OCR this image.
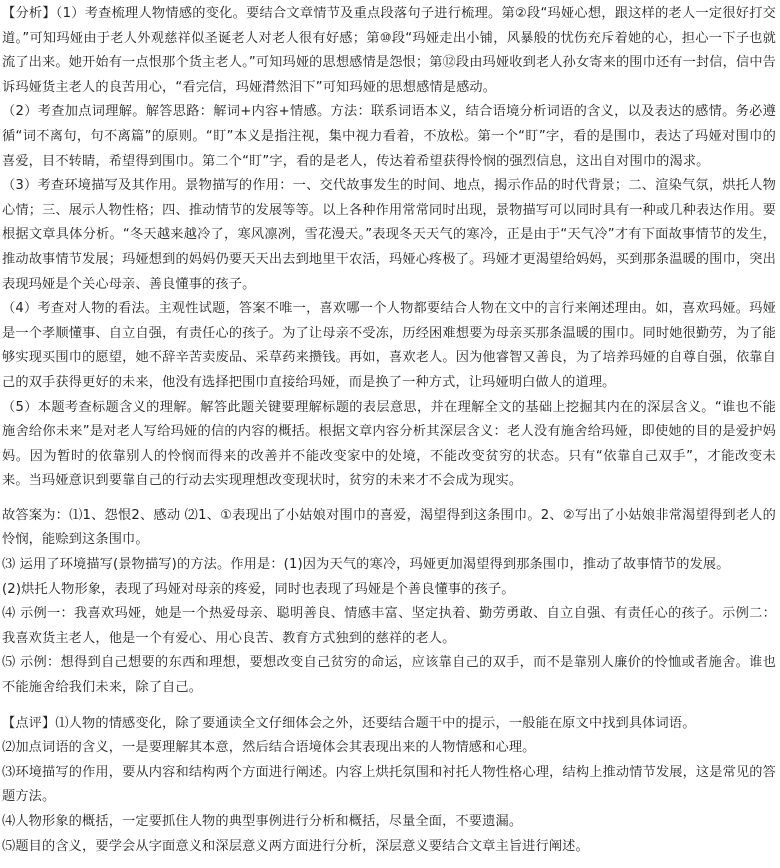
【分析】（1）考查梳理人物情感的变化。要结合文章情节及重点段落句子进行梳理。第②段“玛娅心想，跟这样的老人一定很好打交道。”可知玛娅由于老人外观慈祥似圣诞老人对老人很有好感；第⑩段“玛娅走出小铺，风暴般的忧伤充斥着她的心，担心一下子也就流了出来。她开始有一点恨那个货主老人。”可知玛娅的思想感情是怨恨；第⑫段由玛娅收到老人孙女寄来的围巾还有一封信，信中告诉玛娅货主老人的良苦用心，“看完信，玛娅潸然泪下”可知玛娅的思想感情是感动。

（2）考查加点词理解。解答思路：解词+内容+情感。方法：联系词语本义，结合语境分析词语的含义，以及表达的感情。务必遵循“词不离句，句不离篇”的原则。“盯”本义是指注视，集中视力看着，不放松。第一个“盯”字，看的是围巾，表达了玛娅对围巾的喜爱，目不转睛，希望得到围巾。第二个“盯”字，看的是老人，传达着希望获得怜悯的强烈信息，这出自对围巾的渴求。

（3）考查环境描写及其作用。景物描写的作用：一、交代故事发生的时间、地点，揭示作品的时代背景；二、渲染气氛，烘托人物心情；三、展示人物性格；四、推动情节的发展等等。以上各种作用常常同时出现，景物描写可以同时具有一种或几种表达作用。要根据文章具体分析。“冬天越来越冷了，寒风凛冽，雪花漫天。”表现冬天天气的寒冷，正是由于“天气冷”才有下面故事情节的发生，推动故事情节发展；玛娅想到的妈妈仍要天天出去到地里干农活，玛娅心疼极了。玛娅才更渴望给妈妈，买到那条温暖的围巾，突出表现玛娅是个关心母亲、善良懂事的孩子。

（4）考查对人物的看法。主观性试题，答案不唯一，喜欢哪一个人物都要结合人物在文中的言行来阐述理由。如，喜欢玛娅。玛娅是一个孝顺懂事、自立自强，有责任心的孩子。为了让母亲不受冻，历经困难想要为母亲买那条温暖的围巾。同时她很勤劳，为了能够实现买围巾的愿望，她不辞辛苦卖废品、采草药来攒钱。再如，喜欢老人。因为他睿智又善良，为了培养玛娅的自尊自强，依靠自己的双手获得更好的未来，他没有选择把围巾直接给玛娅，而是换了一种方式，让玛娅明白做人的道理。

（5）本题考查标题含义的理解。解答此题关键要理解标题的表层意思，并在理解全文的基础上挖掘其内在的深层含义。“谁也不能施舍给你未来”是对老人写给玛娅的信的内容的概括。根据文章内容分析其深层含义：老人没有施舍给玛娅，即使她的目的是爱护妈妈。因为暂时的依靠别人的怜悯而得来的改善并不能改变家中的处境，不能改变贫穷的状态。只有“依靠自己双手”，才能改变未来。当玛娅意识到要靠自己的行动去实现理想改变现状时，贫穷的未来才不会成为现实。

故答案为：⑴1、怨恨2、感动 ⑵1、①表现出了小姑娘对围巾的喜爱，渴望得到这条围巾。2、②写出了小姑娘非常渴望得到老人的怜悯，能赊到这条围巾。

⑶ 运用了环境描写(景物描写)的方法。作用是：(1)因为天气的寒冷，玛娅更加渴望得到那条围巾，推动了故事情节的发展。

(2)烘托人物形象，表现了玛娅对母亲的疼爱，同时也表现了玛娅是个善良懂事的孩子。

⑷ 示例一：我喜欢玛娅，她是一个热爱母亲、聪明善良、情感丰富、坚定执着、勤劳勇敢、自立自强、有责任心的孩子。示例二：我喜欢货主老人，他是一个有爱心、用心良苦、教育方式独到的慈祥的老人。

⑸ 示例：想得到自己想要的东西和理想，要想改变自己贫穷的命运，应该靠自己的双手，而不是靠别人廉价的怜恤或者施舍。谁也不能施舍给我们未来，除了自己。

【点评】⑴人物的情感变化，除了要通读全文仔细体会之外，还要结合题干中的提示，一般能在原文中找到具体词语。

⑵加点词语的含义，一是要理解其本意，然后结合语境体会其表现出来的人物情感和心理。

⑶环境描写的作用，要从内容和结构两个方面进行阐述。内容上烘托氛围和衬托人物性格心理，结构上推动情节发展，这是常见的答题方法。

⑷人物形象的概括，一定要抓住人物的典型事例进行分析和概括，尽量全面，不要遗漏。

⑸题目的含义，要学会从字面意义和深层意义两方面进行分析，深层意义要结合文章主旨进行阐述。
